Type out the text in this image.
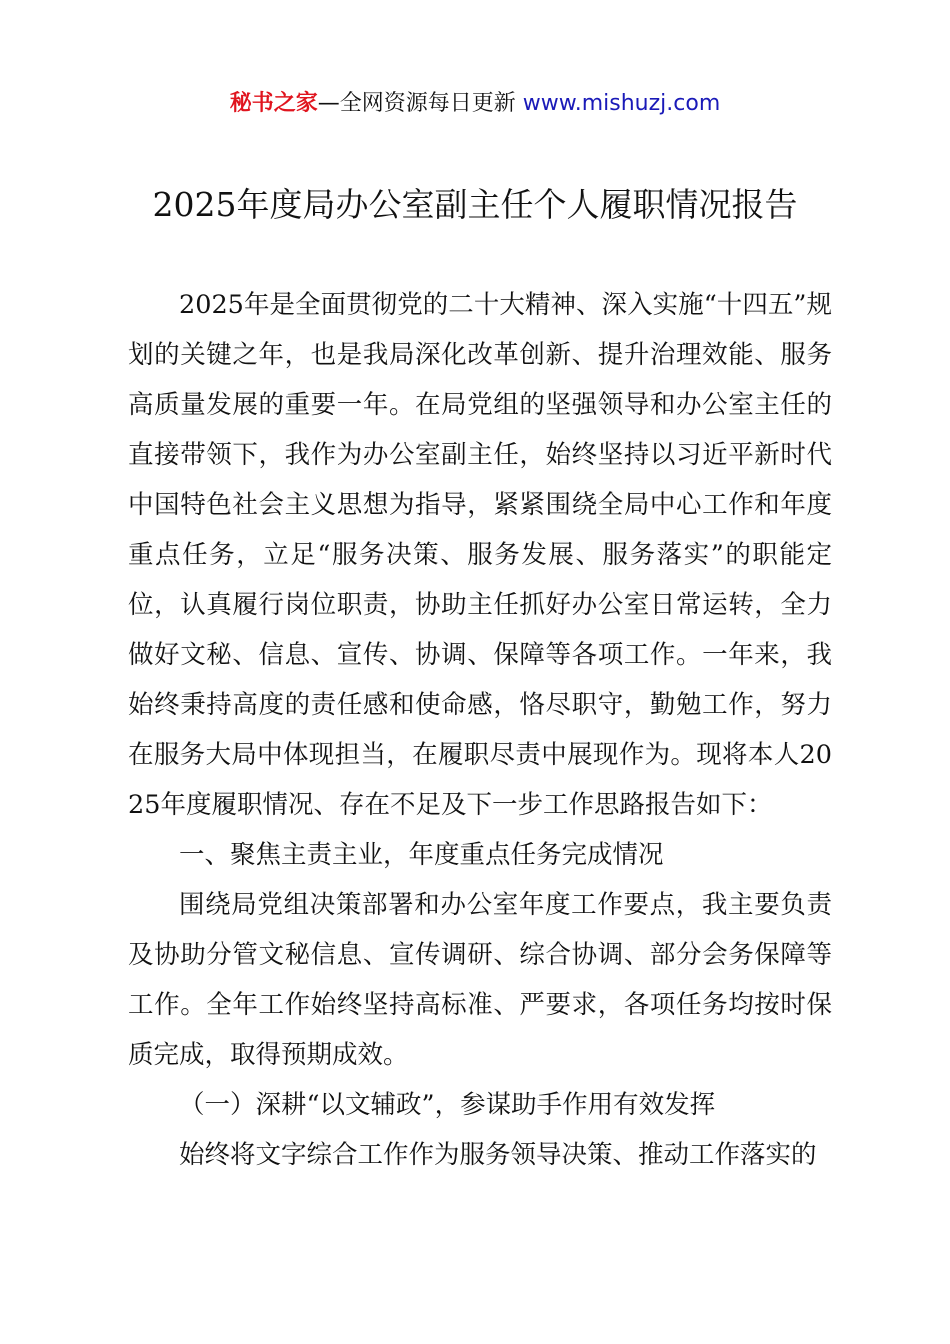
秘书之家—全网资源每日更新 www.mishuzj.com
2025年度局办公室副主任个人履职情况报告

2025年是全面贯彻党的二十大精神、深入实施“十四五”规划的关键之年，也是我局深化改革创新、提升治理效能、服务高质量发展的重要一年。在局党组的坚强领导和办公室主任的直接带领下，我作为办公室副主任，始终坚持以习近平新时代中国特色社会主义思想为指导，紧紧围绕全局中心工作和年度重点任务，立足“服务决策、服务发展、服务落实”的职能定位，认真履行岗位职责，协助主任抓好办公室日常运转，全力做好文秘、信息、宣传、协调、保障等各项工作。一年来，我始终秉持高度的责任感和使命感，恪尽职守，勤勉工作，努力在服务大局中体现担当，在履职尽责中展现作为。现将本人2025年度履职情况、存在不足及下一步工作思路报告如下：

一、聚焦主责主业，年度重点任务完成情况

围绕局党组决策部署和办公室年度工作要点，我主要负责及协助分管文秘信息、宣传调研、综合协调、部分会务保障等工作。全年工作始终坚持高标准、严要求，各项任务均按时保质完成，取得预期成效。

（一）深耕“以文辅政”，参谋助手作用有效发挥

始终将文字综合工作作为服务领导决策、推动工作落实的
